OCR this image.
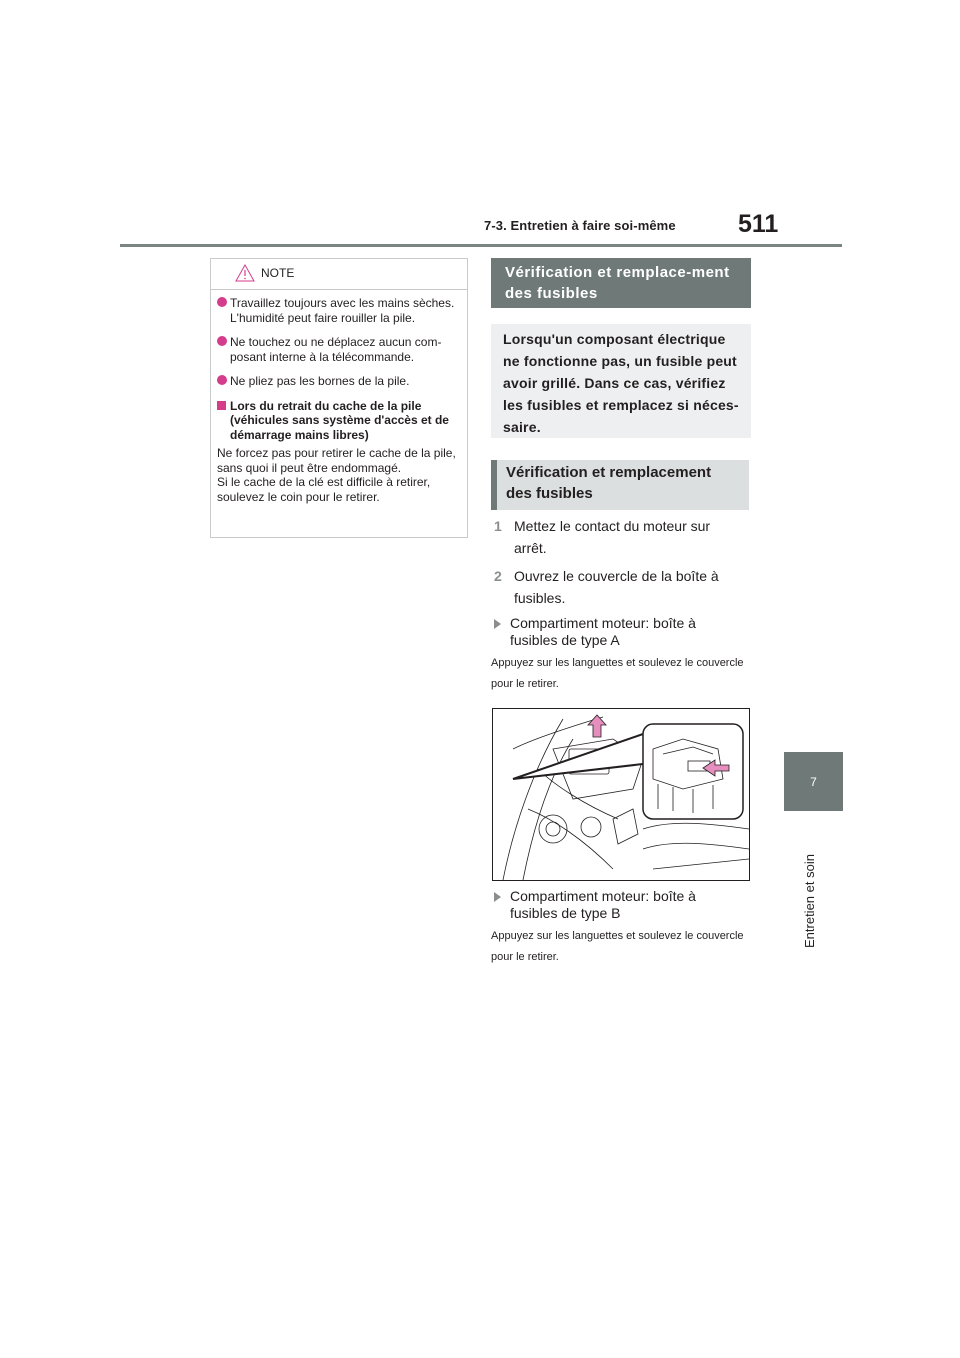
7-3. Entretien à faire soi-même 511
7
Entretien et soin
NOTE
Travaillez toujours avec les mains sèches.
L'humidité peut faire rouiller la pile.
Ne touchez ou ne déplacez aucun com-posant interne à la télécommande.
Ne pliez pas les bornes de la pile.
Lors du retrait du cache de la pile (véhicules sans système d'accès et de démarrage mains libres)
Ne forcez pas pour retirer le cache de la pile, sans quoi il peut être endommagé.
Si le cache de la clé est difficile à retirer, soulevez le coin pour le retirer.
Vérification et remplace-ment des fusibles
Lorsqu'un composant électrique ne fonctionne pas, un fusible peut avoir grillé. Dans ce cas, vérifiez les fusibles et remplacez si néces-saire.
Vérification et remplacement des fusibles
1 Mettez le contact du moteur sur arrêt.
2 Ouvrez le couvercle de la boîte à fusibles.
Compartiment moteur: boîte à fusibles de type A
Appuyez sur les languettes et soulevez le couvercle pour le retirer.
Compartiment moteur: boîte à fusibles de type B
Appuyez sur les languettes et soulevez le couvercle pour le retirer.
